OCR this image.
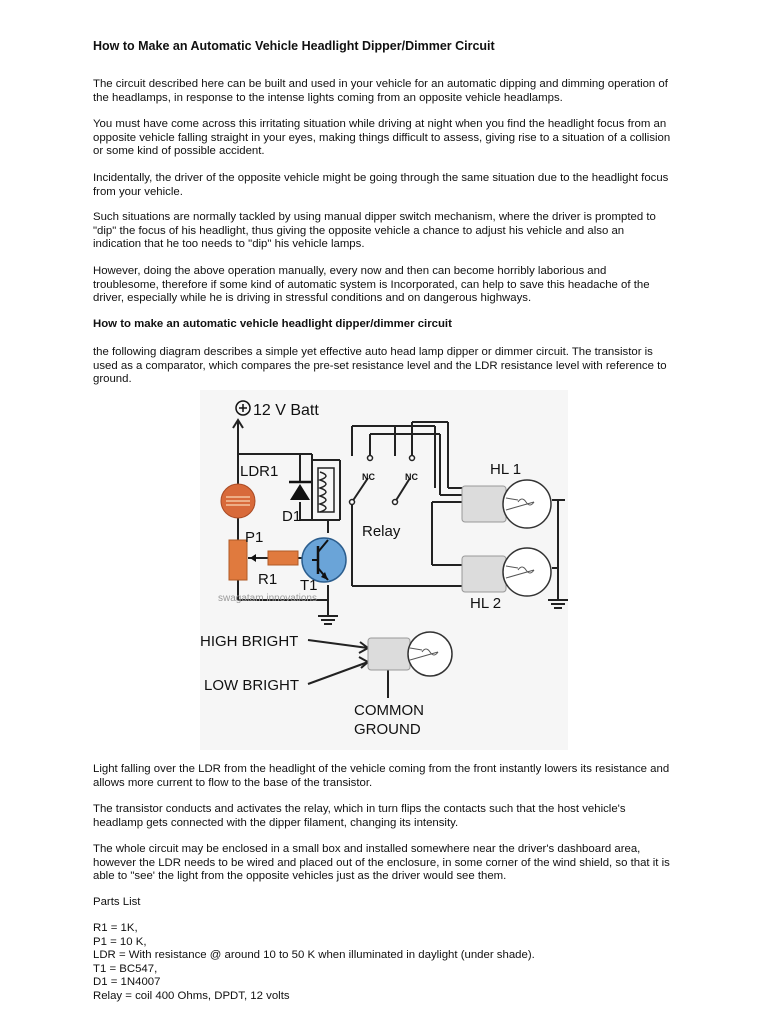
How to Make an Automatic Vehicle Headlight Dipper/Dimmer Circuit

The circuit described here can be built and used in your vehicle for an automatic dipping and dimming operation of the headlamps, in response to the intense lights coming from an opposite vehicle headlamps.

You must have come across this irritating situation while driving at night when you find the headlight focus from an opposite vehicle falling straight in your eyes, making things difficult to assess, giving rise to a situation of a collision or some kind of possible accident.

Incidentally, the driver of the opposite vehicle might be going through the same situation due to the headlight focus from your vehicle.

Such situations are normally tackled by using manual dipper switch mechanism, where the driver is prompted to "dip" the focus of his headlight, thus giving the opposite vehicle a chance to adjust his vehicle and also an indication that he too needs to "dip" his vehicle lamps.

However, doing the above operation manually, every now and then can become horribly laborious and troublesome, therefore if some kind of automatic system is Incorporated, can help to save this headache of the driver, especially while he is driving in stressful conditions and on dangerous highways.

How to make an automatic vehicle headlight dipper/dimmer circuit

the following diagram describes a simple yet effective auto head lamp dipper or dimmer circuit. The transistor is used as a comparator, which compares the pre-set resistance level and the LDR resistance level with reference to ground.

12 V Batt
LDR1
D1
P1
R1 T1
Relay
NC	NC	HL 1
HL 2
swagatam innovations
HIGH BRIGHT
LOW BRIGHT
COMMON
GROUND

Light falling over the LDR from the headlight of the vehicle coming from the front instantly lowers its resistance and allows more current to flow to the base of the transistor.

The transistor conducts and activates the relay, which in turn flips the contacts such that the host vehicle's headlamp gets connected with the dipper filament, changing its intensity.

The whole circuit may be enclosed in a small box and installed somewhere near the driver's dashboard area, however the LDR needs to be wired and placed out of the enclosure, in some corner of the wind shield, so that it is able to "see' the light from the opposite vehicles just as the driver would see them.

Parts List

R1 = 1K,
P1 = 10 K,
LDR = With resistance @ around 10 to 50 K when illuminated in daylight (under shade).
T1 = BC547,
D1 = 1N4007
Relay = coil 400 Ohms, DPDT, 12 volts
